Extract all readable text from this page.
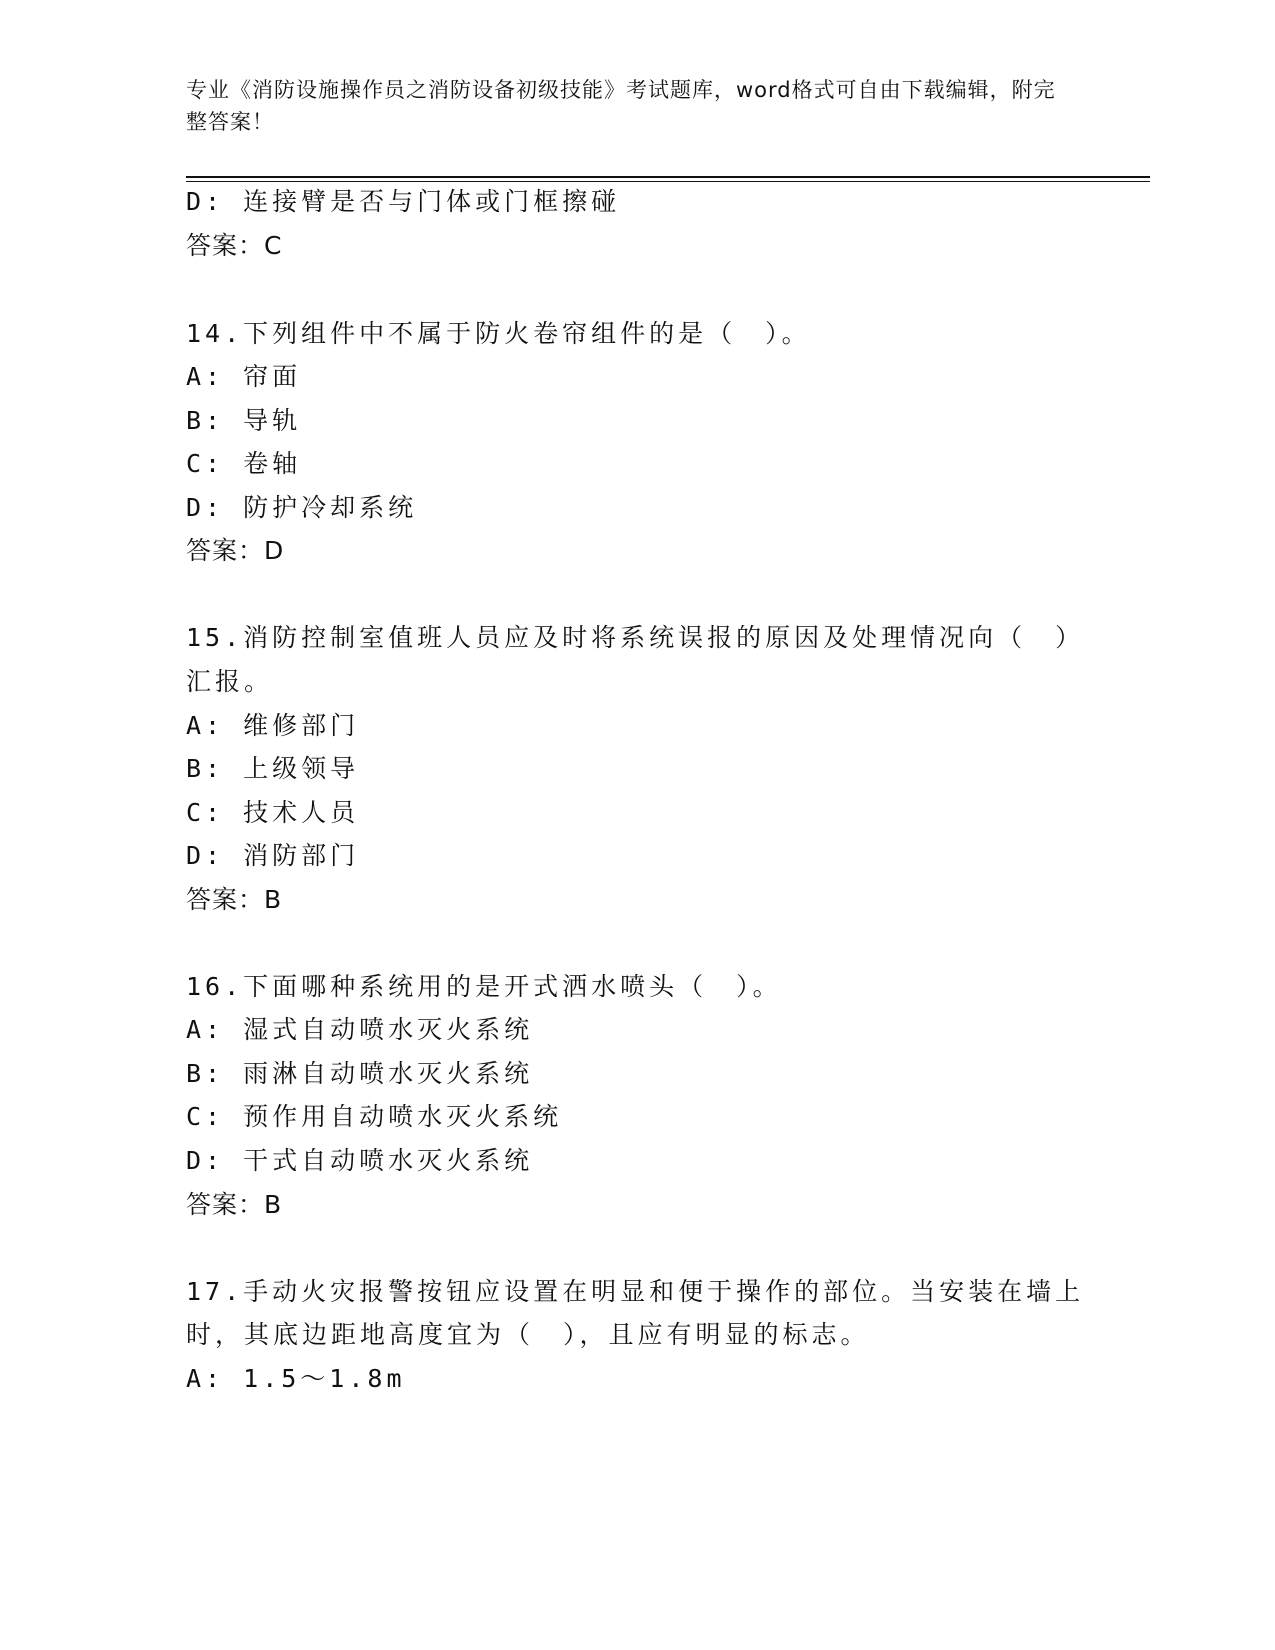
专业《消防设施操作员之消防设备初级技能》考试题库，word格式可自由下载编辑，附完整答案！
D: 连接臂是否与门体或门框擦碰
答案：C
14.下列组件中不属于防火卷帘组件的是（　）。
A: 帘面
B: 导轨
C: 卷轴
D: 防护冷却系统
答案：D
15.消防控制室值班人员应及时将系统误报的原因及处理情况向（　）
汇报。
A: 维修部门
B: 上级领导
C: 技术人员
D: 消防部门
答案：B
16.下面哪种系统用的是开式洒水喷头（　）。
A: 湿式自动喷水灭火系统
B: 雨淋自动喷水灭火系统
C: 预作用自动喷水灭火系统
D: 干式自动喷水灭火系统
答案：B
17.手动火灾报警按钮应设置在明显和便于操作的部位。当安装在墙上
时，其底边距地高度宜为（　），且应有明显的标志。
A: 1.5～1.8m
